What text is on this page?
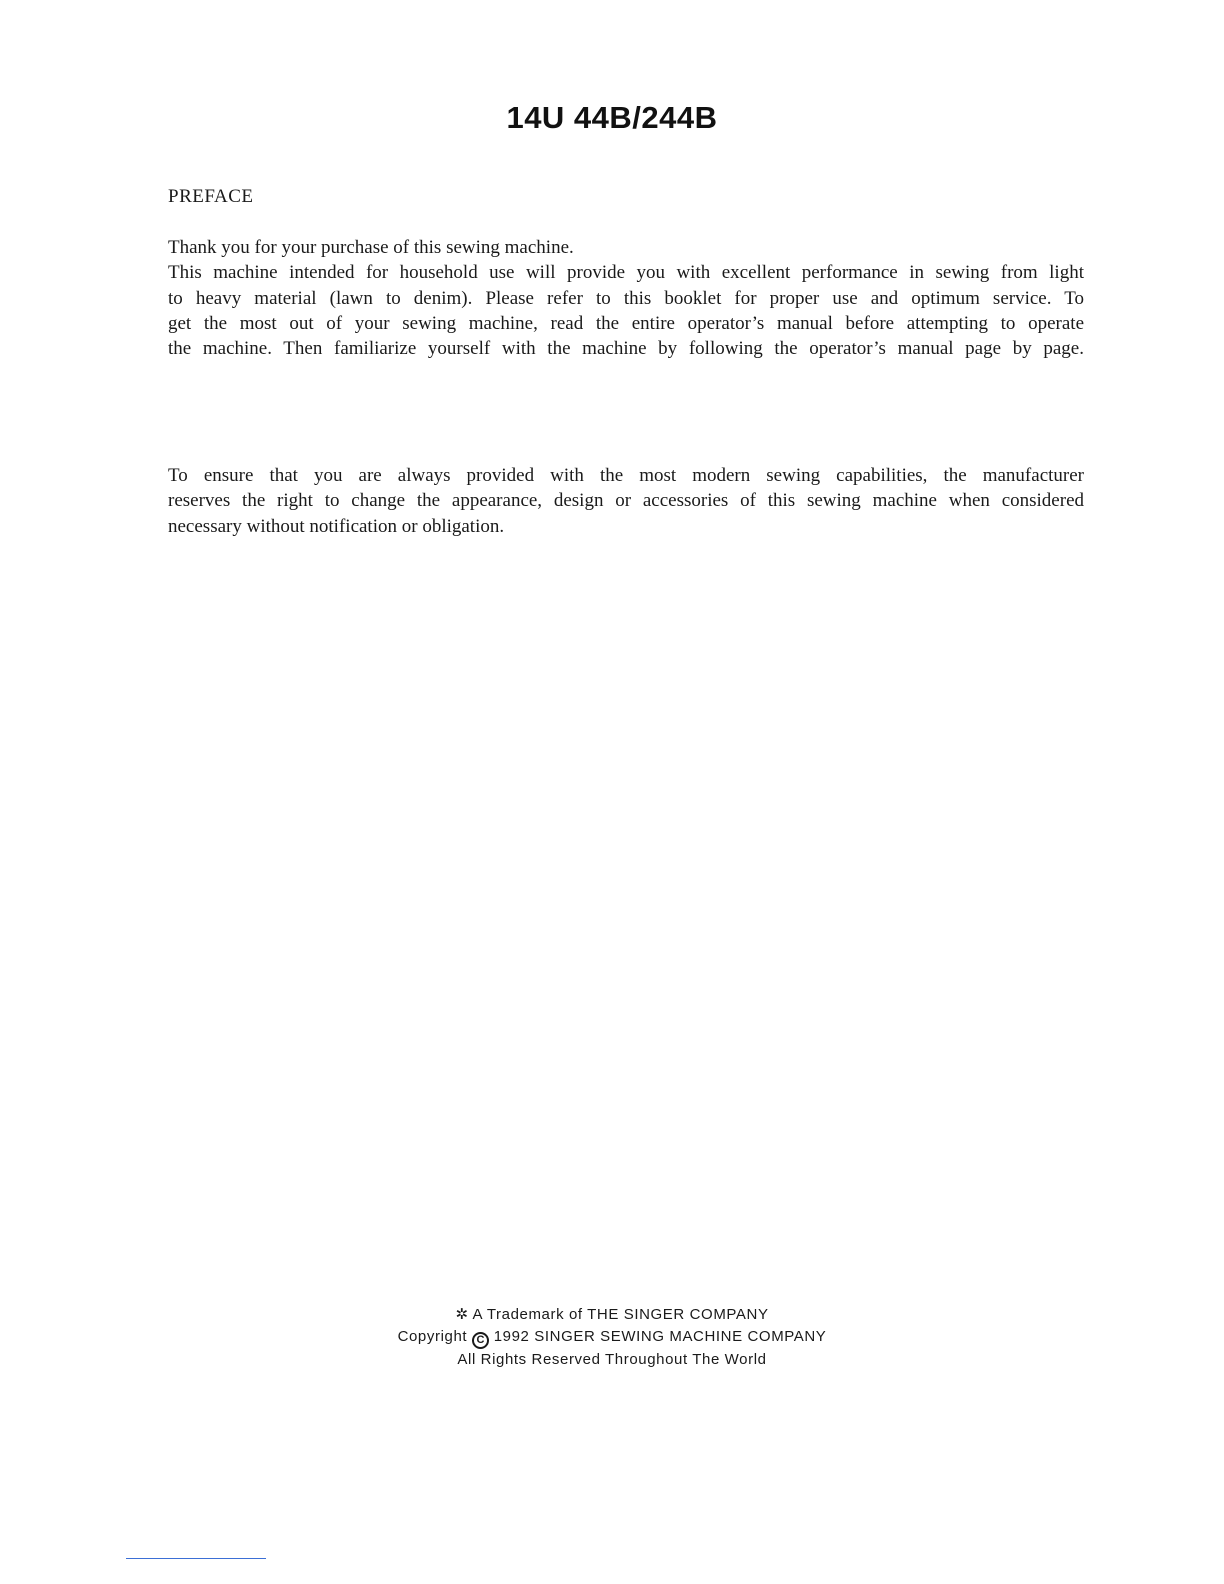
14U 44B/244B
PREFACE
Thank you for your purchase of this sewing machine.
This machine intended for household use will provide you with excellent performance in sewing from light
to heavy material (lawn to denim). Please refer to this booklet for proper use and optimum service. To
get the most out of your sewing machine, read the entire operator’s manual before attempting to operate
the machine. Then familiarize yourself with the machine by following the operator’s manual page by page.
To ensure that you are always provided with the most modern sewing capabilities, the manufacturer
reserves the right to change the appearance, design or accessories of this sewing machine when considered
necessary without notification or obligation.
✲ A Trademark of THE SINGER COMPANY
Copyright C 1992 SINGER SEWING MACHINE COMPANY
All Rights Reserved Throughout The World
